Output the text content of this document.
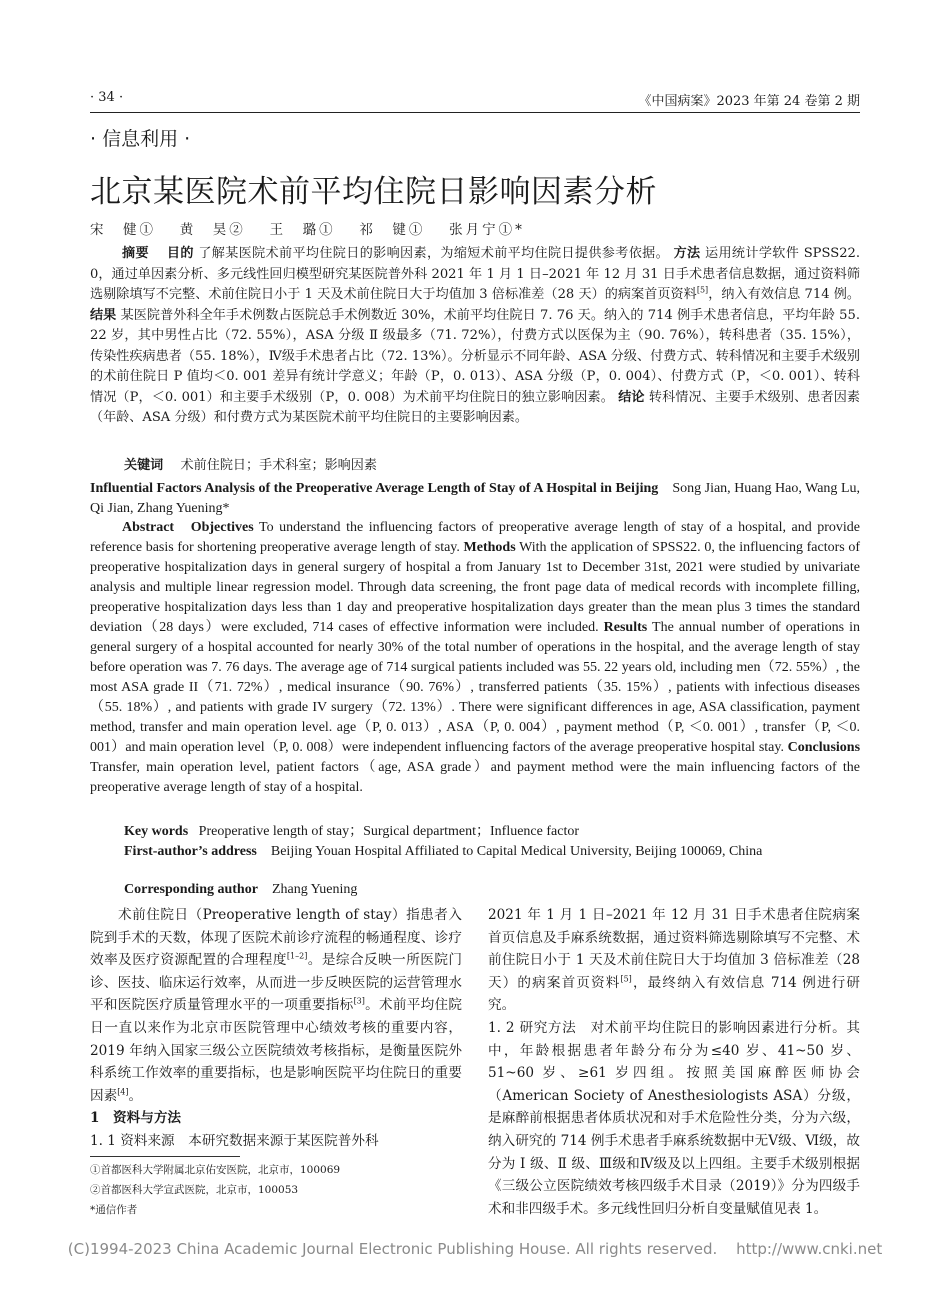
· 34 ·	《中国病案》2023 年第 24 卷第 2 期
· 信息利用 ·
北京某医院术前平均住院日影响因素分析
宋　健① 　黄　昊② 　王　璐① 　祁　键① 　张月宁①*
摘要　 目的 了解某医院术前平均住院日的影响因素，为缩短术前平均住院日提供参考依据。 方法 运用统计学软件 SPSS22. 0，通过单因素分析、多元线性回归模型研究某医院普外科 2021 年 1 月 1 日–2021 年 12 月 31 日手术患者信息数据，通过资料筛选剔除填写不完整、术前住院日小于 1 天及术前住院日大于均值加 3 倍标准差（28 天）的病案首页资料[5]，纳入有效信息 714 例。 结果 某医院普外科全年手术例数占医院总手术例数近 30%，术前平均住院日 7. 76 天。纳入的 714 例手术患者信息，平均年龄 55. 22 岁，其中男性占比（72. 55%），ASA 分级 Ⅱ 级最多（71. 72%），付费方式以医保为主（90. 76%），转科患者（35. 15%），传染性疾病患者（55. 18%），Ⅳ级手术患者占比（72. 13%）。分析显示不同年龄、ASA 分级、付费方式、转科情况和主要手术级别的术前住院日 P 值均＜0. 001 差异有统计学意义；年龄（P，0. 013）、ASA 分级（P，0. 004）、付费方式（P，＜0. 001）、转科情况（P，＜0. 001）和主要手术级别（P，0. 008）为术前平均住院日的独立影响因素。 结论 转科情况、主要手术级别、患者因素（年龄、ASA 分级）和付费方式为某医院术前平均住院日的主要影响因素。
关键词　 术前住院日；手术科室；影响因素
Influential Factors Analysis of the Preoperative Average Length of Stay of A Hospital in Beijing Song Jian, Huang Hao, Wang Lu, Qi Jian, Zhang Yuening*
Abstract Objectives To understand the influencing factors of preoperative average length of stay of a hospital, and provide reference basis for shortening preoperative average length of stay. Methods With the application of SPSS22. 0, the influencing factors of preoperative hospitalization days in general surgery of hospital a from January 1st to December 31st, 2021 were studied by univariate analysis and multiple linear regression model. Through data screening, the front page data of medical records with incomplete filling, preoperative hospitalization days less than 1 day and preoperative hospitalization days greater than the mean plus 3 times the standard deviation（28 days）were excluded, 714 cases of effective information were included. Results The annual number of operations in general surgery of a hospital accounted for nearly 30% of the total number of operations in the hospital, and the average length of stay before operation was 7. 76 days. The average age of 714 surgical patients included was 55. 22 years old, including men（72. 55%）, the most ASA grade II（71. 72%）, medical insurance（90. 76%）, transferred patients（35. 15%）, patients with infectious diseases（55. 18%）, and patients with grade IV surgery（72. 13%）. There were significant differences in age, ASA classification, payment method, transfer and main operation level. age（P, 0. 013）, ASA（P, 0. 004）, payment method（P, ＜0. 001）, transfer（P, ＜0. 001）and main operation level（P, 0. 008）were independent influencing factors of the average preoperative hospital stay. Conclusions Transfer, main operation level, patient factors（age, ASA grade）and payment method were the main influencing factors of the preoperative average length of stay of a hospital.
Key words Preoperative length of stay；Surgical department；Influence factor
First-author’s address Beijing Youan Hospital Affiliated to Capital Medical University, Beijing 100069, China
Corresponding author Zhang Yuening

术前住院日（Preoperative length of stay）指患者入院到手术的天数，体现了医院术前诊疗流程的畅通程度、诊疗效率及医疗资源配置的合理程度[1–2]。是综合反映一所医院门诊、医技、临床运行效率，从而进一步反映医院的运营管理水平和医院医疗质量管理水平的一项重要指标[3]。术前平均住院日一直以来作为北京市医院管理中心绩效考核的重要内容，2019 年纳入国家三级公立医院绩效考核指标，是衡量医院外科系统工作效率的重要指标，也是影响医院平均住院日的重要因素[4]。

1　资料与方法

1. 1 资料来源　本研究数据来源于某医院普外科

2021 年 1 月 1 日–2021 年 12 月 31 日手术患者住院病案首页信息及手麻系统数据，通过资料筛选剔除填写不完整、术前住院日小于 1 天及术前住院日大于均值加 3 倍标准差（28 天）的病案首页资料[5]，最终纳入有效信息 714 例进行研究。

1. 2 研究方法　对术前平均住院日的影响因素进行分析。其中，年龄根据患者年龄分布分为≤40 岁、41~50 岁、51~60 岁、≥61 岁四组。按照美国麻醉医师协会（American Society of Anesthesiologists ASA）分级，是麻醉前根据患者体质状况和对手术危险性分类，分为六级，纳入研究的 714 例手术患者手麻系统数据中无Ⅴ级、Ⅵ级，故分为 Ⅰ 级、Ⅱ 级、Ⅲ级和Ⅳ级及以上四组。主要手术级别根据《三级公立医院绩效考核四级手术目录（2019）》分为四级手术和非四级手术。多元线性回归分析自变量赋值见表 1。

①首都医科大学附属北京佑安医院，北京市，100069
②首都医科大学宣武医院，北京市，100053
*通信作者
(C)1994-2023 China Academic Journal Electronic Publishing House. All rights reserved. http://www.cnki.net
